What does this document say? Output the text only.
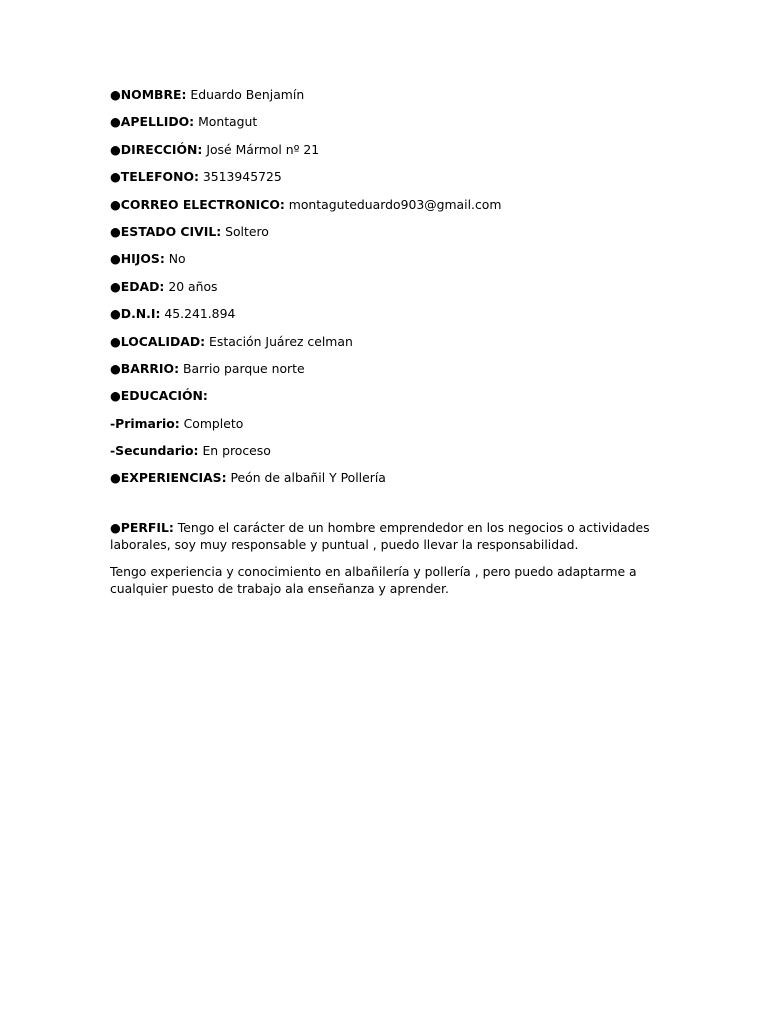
●NOMBRE: Eduardo Benjamín
●APELLIDO: Montagut
●DIRECCIÓN: José Mármol nº 21
●TELEFONO: 3513945725
●CORREO ELECTRONICO: montaguteduardo903@gmail.com
●ESTADO CIVIL: Soltero
●HIJOS: No
●EDAD: 20 años
●D.N.I: 45.241.894
●LOCALIDAD: Estación Juárez celman
●BARRIO: Barrio parque norte
●EDUCACIÓN:
-Primario: Completo
-Secundario: En proceso
●EXPERIENCIAS: Peón de albañil Y Pollería

●PERFIL: Tengo el carácter de un hombre emprendedor en los negocios o actividades laborales, soy muy responsable y puntual , puedo llevar la responsabilidad.

Tengo experiencia y conocimiento en albañilería y pollería , pero puedo adaptarme a cualquier puesto de trabajo ala enseñanza y aprender.
